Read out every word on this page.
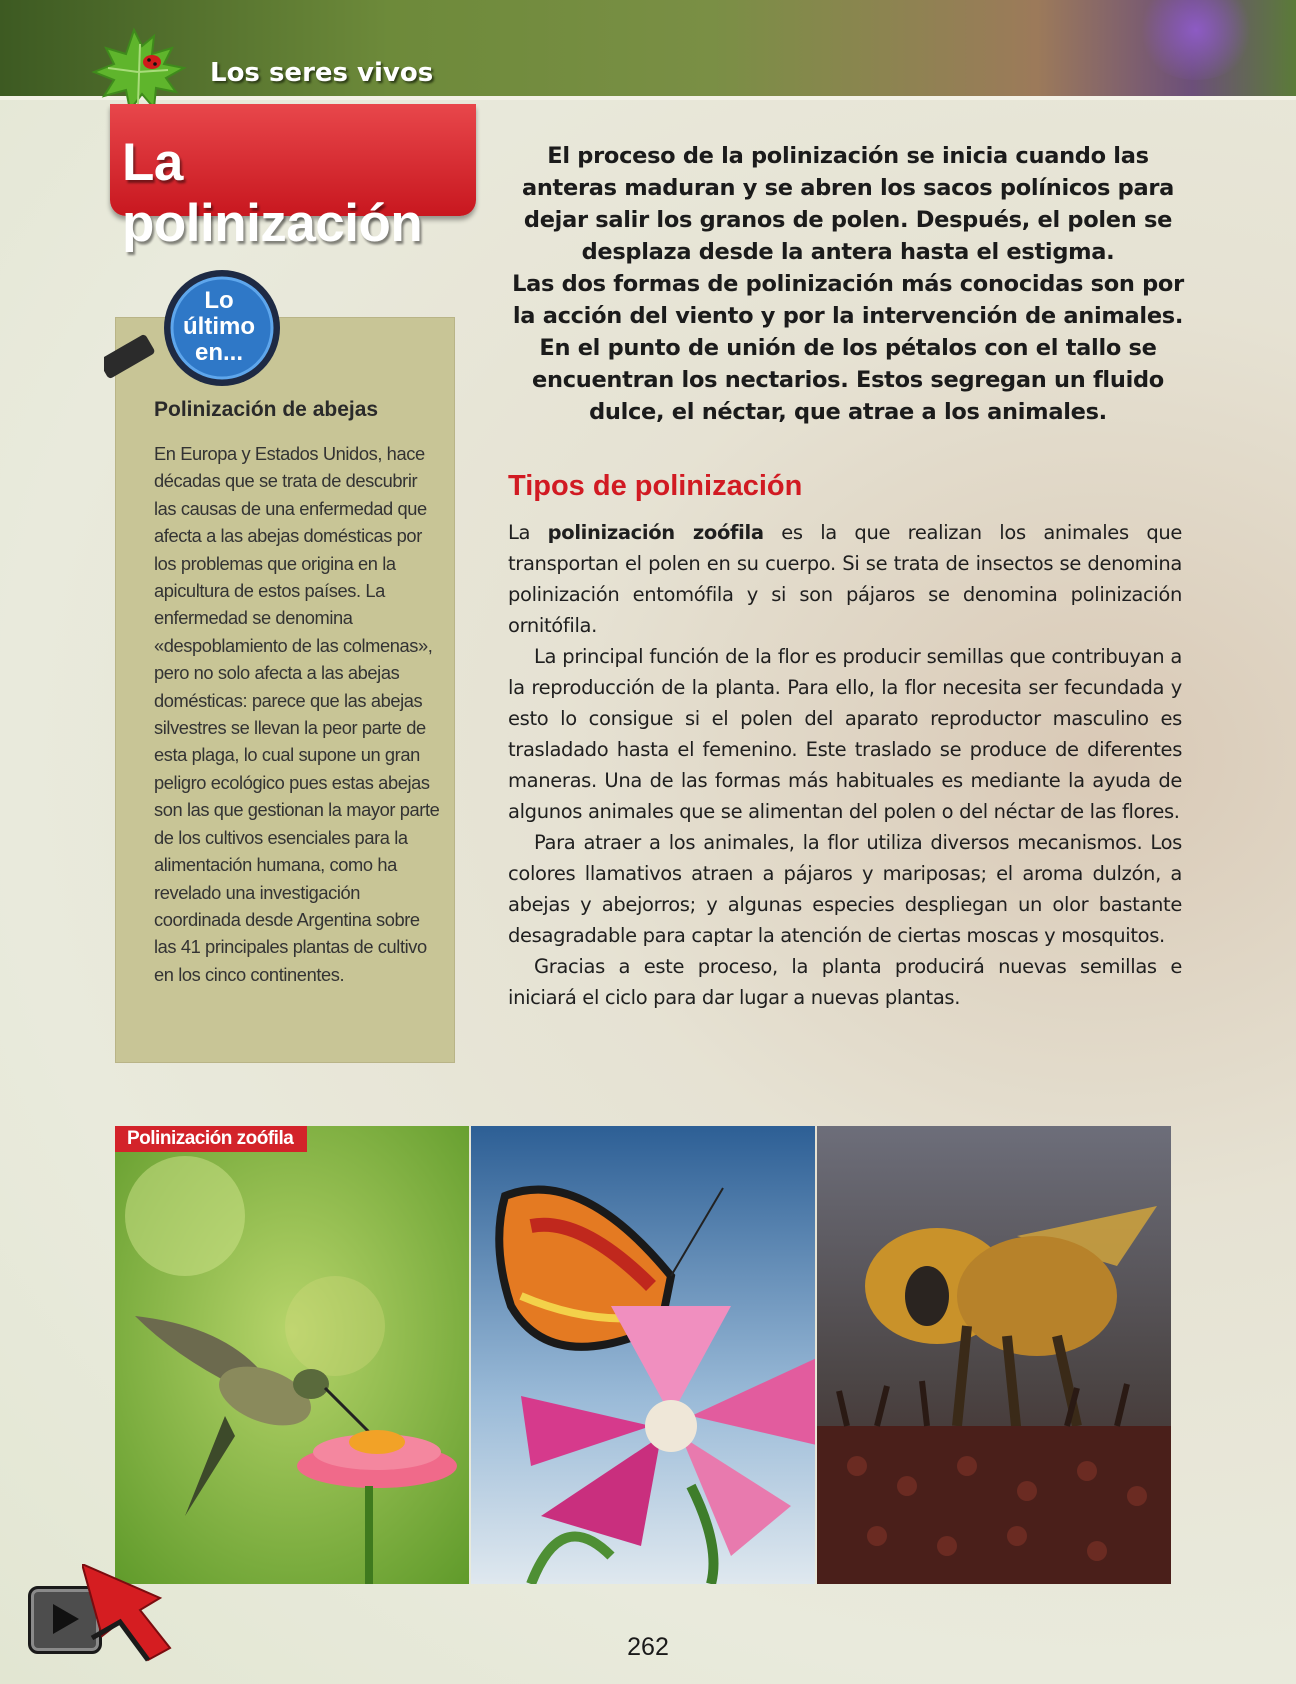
Los seres vivos
La polinización
Lo
último
en...
Polinización de abejas
En Europa y Estados Unidos, hace décadas que se trata de descubrir las causas de una enfermedad que afecta a las abejas domésticas por los problemas que origina en la apicultura de estos países. La enfermedad se denomina «despoblamiento de las colmenas», pero no solo afecta a las abejas domésticas: parece que las abejas silvestres se llevan la peor parte de esta plaga, lo cual supone un gran peligro ecológico pues estas abejas son las que gestionan la mayor parte de los cultivos esenciales para la alimentación humana, como ha revelado una investigación coordinada desde Argentina sobre las 41 principales plantas de cultivo en los cinco continentes.

El proceso de la polinización se inicia cuando las anteras maduran y se abren los sacos polínicos para dejar salir los granos de polen. Después, el polen se desplaza desde la antera hasta el estigma.

Las dos formas de polinización más conocidas son por la acción del viento y por la intervención de animales. En el punto de unión de los pétalos con el tallo se encuentran los nectarios. Estos segregan un fluido dulce, el néctar, que atrae a los animales.

Tipos de polinización

La polinización zoófila es la que realizan los animales que transportan el polen en su cuerpo. Si se trata de insectos se denomina polinización entomófila y si son pájaros se denomina polinización ornitófila.

La principal función de la flor es producir semillas que contribuyan a la reproducción de la planta. Para ello, la flor necesita ser fecundada y esto lo consigue si el polen del aparato reproductor masculino es trasladado hasta el femenino. Este traslado se produce de diferentes maneras. Una de las formas más habituales es mediante la ayuda de algunos animales que se alimentan del polen o del néctar de las flores.

Para atraer a los animales, la flor utiliza diversos mecanismos. Los colores llamativos atraen a pájaros y mariposas; el aroma dulzón, a abejas y abejorros; y algunas especies despliegan un olor bastante desagradable para captar la atención de ciertas moscas y mosquitos.

Gracias a este proceso, la planta producirá nuevas semillas e iniciará el ciclo para dar lugar a nuevas plantas.

Polinización zoófila
262
